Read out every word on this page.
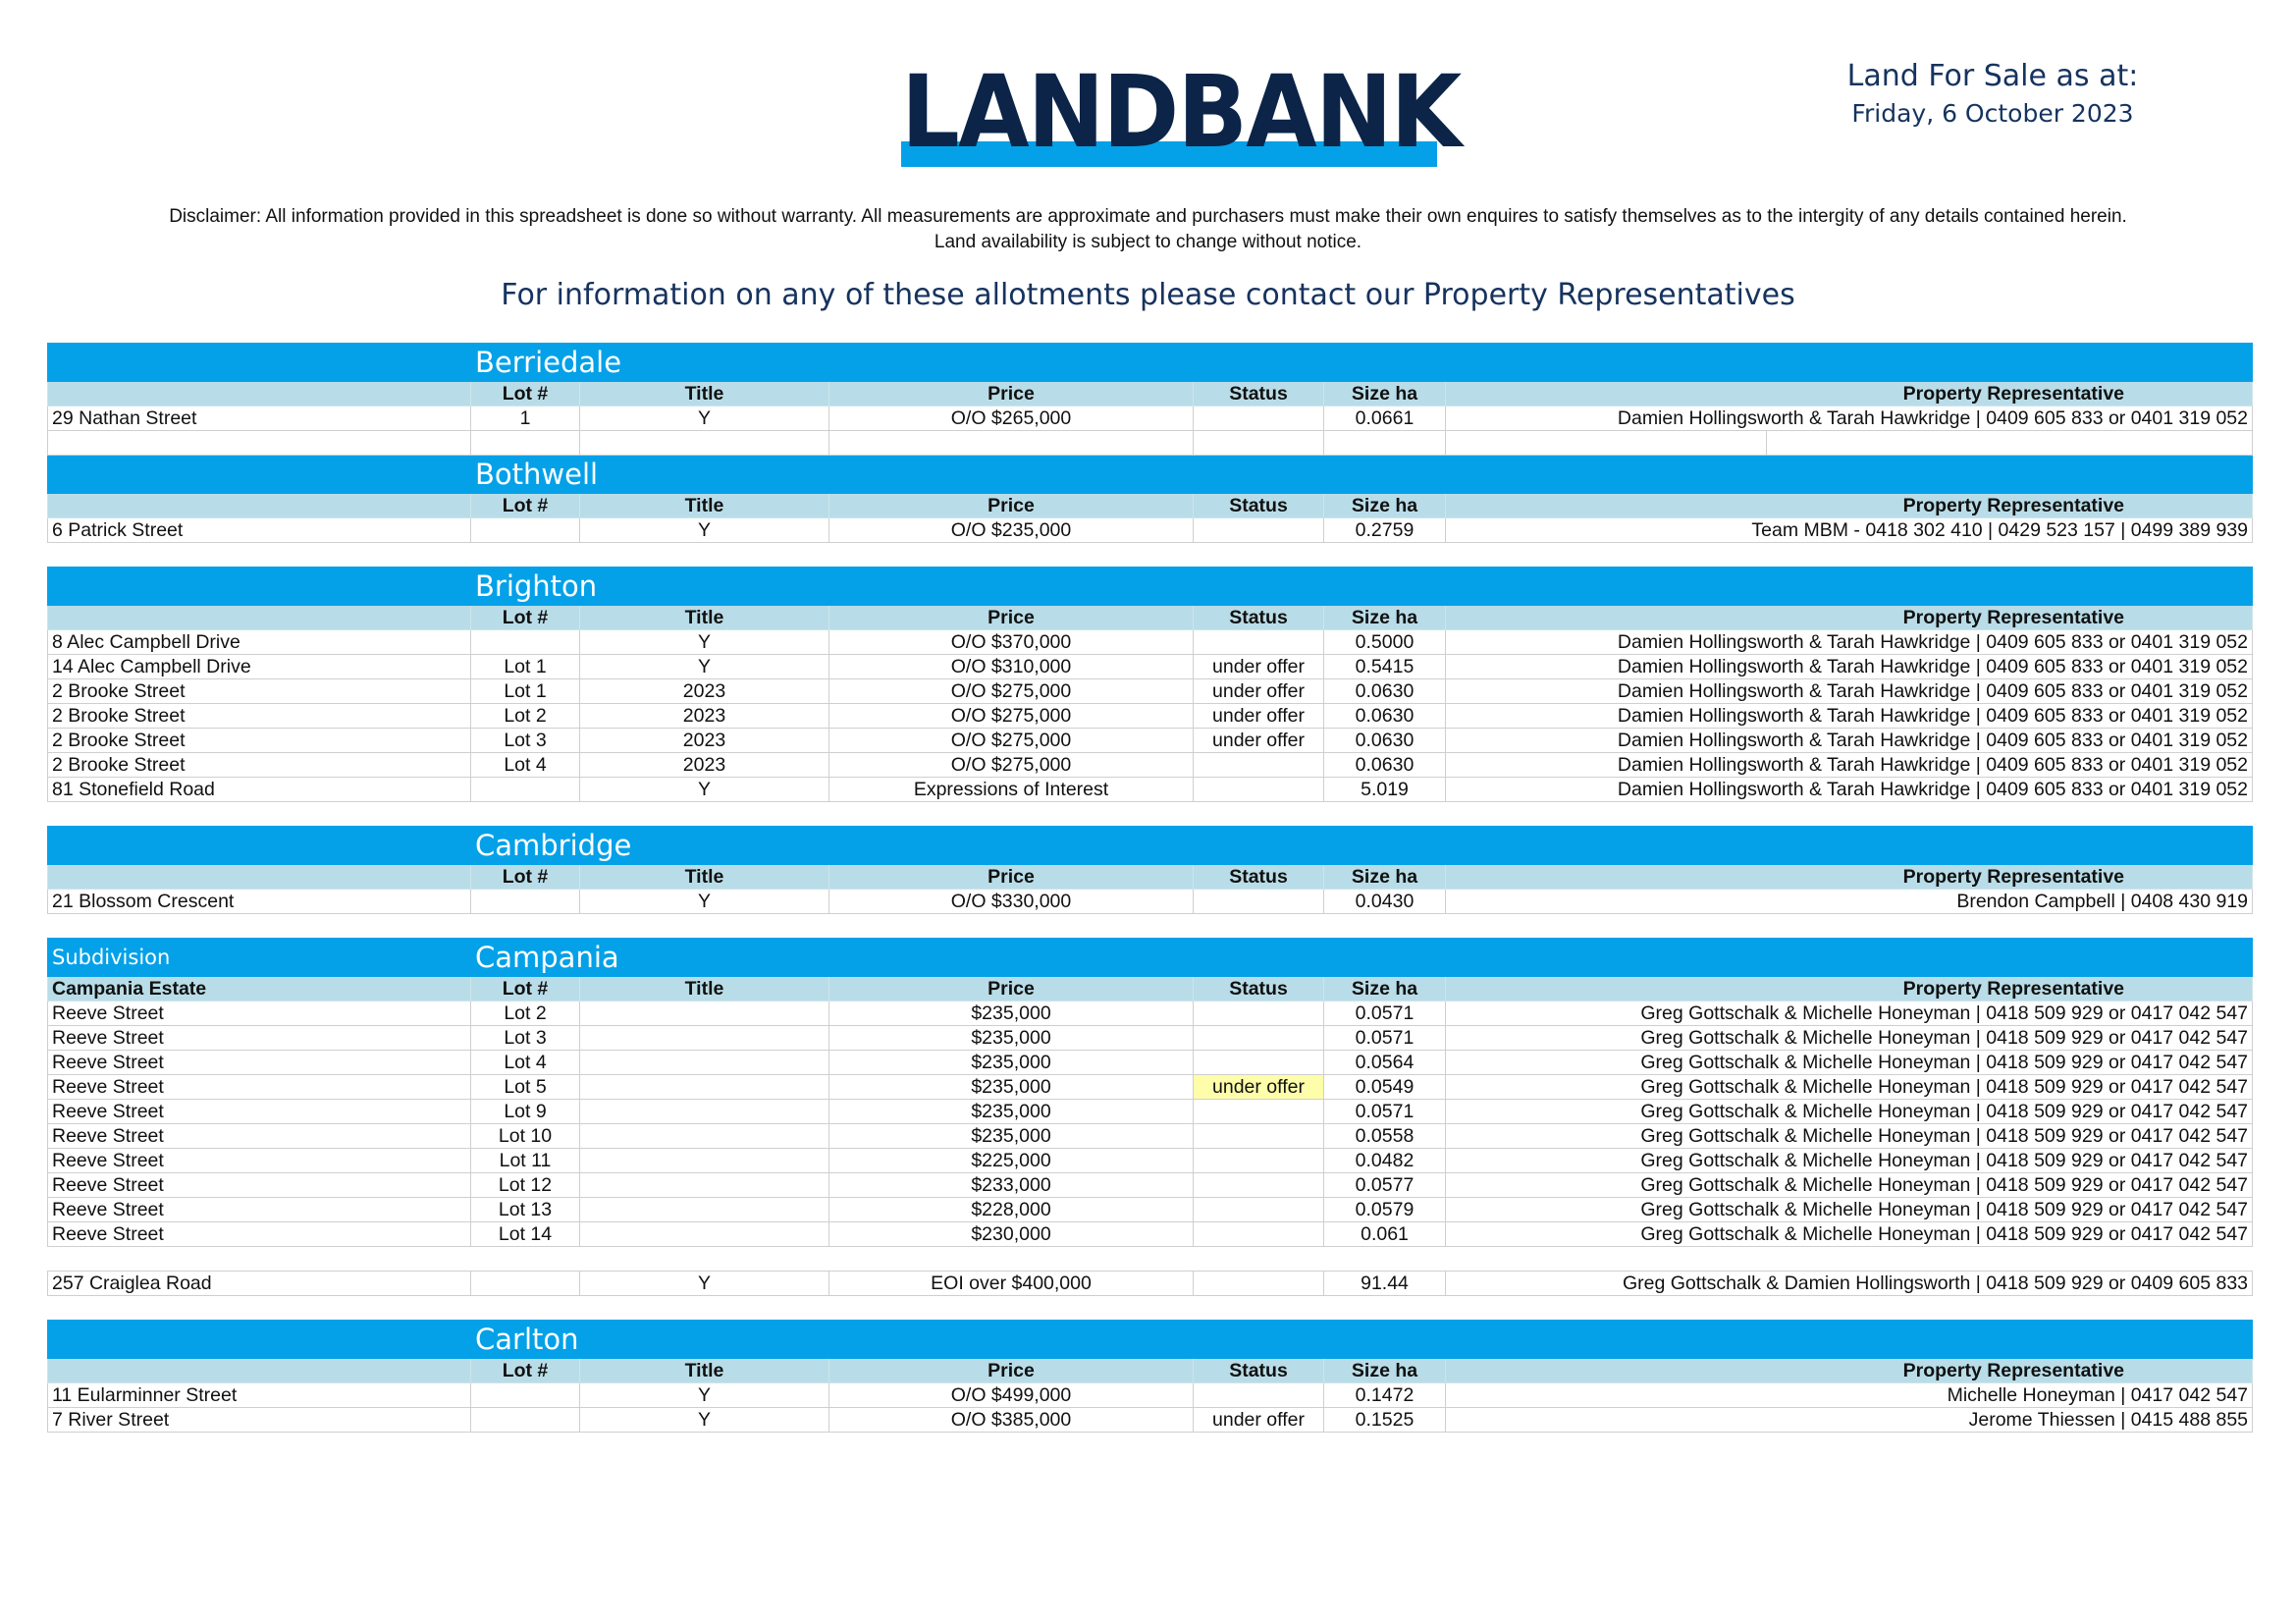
LANDBANK	Land For Sale as at:
Friday, 6 October 2023
Disclaimer: All information provided in this spreadsheet is done so without warranty. All measurements are approximate and purchasers must make their own enquires to satisfy themselves as to the intergity of any details contained herein.
Land availability is subject to change without notice.
For information on any of these allotments please contact our Property Representatives
	Berriedale						
	Lot #	Title	Price	Status	Size ha	Property Representative	
29 Nathan Street	1	Y	O/O $265,000		0.0661	Damien Hollingsworth & Tarah Hawkridge | 0409 605 833 or 0401 319 052	

	Bothwell						
	Lot #	Title	Price	Status	Size ha	Property Representative	
6 Patrick Street		Y	O/O $235,000		0.2759	Team MBM - 0418 302 410 | 0429 523 157 | 0499 389 939	

	Brighton						
	Lot #	Title	Price	Status	Size ha	Property Representative	
8 Alec Campbell Drive		Y	O/O $370,000		0.5000	Damien Hollingsworth & Tarah Hawkridge | 0409 605 833 or 0401 319 052	
14 Alec Campbell Drive	Lot 1	Y	O/O $310,000	under offer	0.5415	Damien Hollingsworth & Tarah Hawkridge | 0409 605 833 or 0401 319 052	
2 Brooke Street	Lot 1	2023	O/O $275,000	under offer	0.0630	Damien Hollingsworth & Tarah Hawkridge | 0409 605 833 or 0401 319 052	
2 Brooke Street	Lot 2	2023	O/O $275,000	under offer	0.0630	Damien Hollingsworth & Tarah Hawkridge | 0409 605 833 or 0401 319 052	
2 Brooke Street	Lot 3	2023	O/O $275,000	under offer	0.0630	Damien Hollingsworth & Tarah Hawkridge | 0409 605 833 or 0401 319 052	
2 Brooke Street	Lot 4	2023	O/O $275,000		0.0630	Damien Hollingsworth & Tarah Hawkridge | 0409 605 833 or 0401 319 052	
81 Stonefield Road		Y	Expressions of Interest		5.019	Damien Hollingsworth & Tarah Hawkridge | 0409 605 833 or 0401 319 052	

	Cambridge						
	Lot #	Title	Price	Status	Size ha	Property Representative	
21 Blossom Crescent		Y	O/O $330,000		0.0430	Brendon Campbell | 0408 430 919	

Subdivision	Campania						
Campania Estate	Lot #	Title	Price	Status	Size ha	Property Representative	
Reeve Street	Lot 2		$235,000		0.0571	Greg Gottschalk & Michelle Honeyman | 0418 509 929 or 0417 042 547	
Reeve Street	Lot 3		$235,000		0.0571	Greg Gottschalk & Michelle Honeyman | 0418 509 929 or 0417 042 547	
Reeve Street	Lot 4		$235,000		0.0564	Greg Gottschalk & Michelle Honeyman | 0418 509 929 or 0417 042 547	
Reeve Street	Lot 5		$235,000	under offer	0.0549	Greg Gottschalk & Michelle Honeyman | 0418 509 929 or 0417 042 547	
Reeve Street	Lot 9		$235,000		0.0571	Greg Gottschalk & Michelle Honeyman | 0418 509 929 or 0417 042 547	
Reeve Street	Lot 10		$235,000		0.0558	Greg Gottschalk & Michelle Honeyman | 0418 509 929 or 0417 042 547	
Reeve Street	Lot 11		$225,000		0.0482	Greg Gottschalk & Michelle Honeyman | 0418 509 929 or 0417 042 547	
Reeve Street	Lot 12		$233,000		0.0577	Greg Gottschalk & Michelle Honeyman | 0418 509 929 or 0417 042 547	
Reeve Street	Lot 13		$228,000		0.0579	Greg Gottschalk & Michelle Honeyman | 0418 509 929 or 0417 042 547	
Reeve Street	Lot 14		$230,000		0.061	Greg Gottschalk & Michelle Honeyman | 0418 509 929 or 0417 042 547	

257 Craiglea Road		Y	EOI over $400,000		91.44	Greg Gottschalk & Damien Hollingsworth | 0418 509 929 or 0409 605 833	

	Carlton						
	Lot #	Title	Price	Status	Size ha	Property Representative	
11 Eularminner Street		Y	O/O $499,000		0.1472	Michelle Honeyman | 0417 042 547	
7 River Street		Y	O/O $385,000	under offer	0.1525	Jerome Thiessen | 0415 488 855	
